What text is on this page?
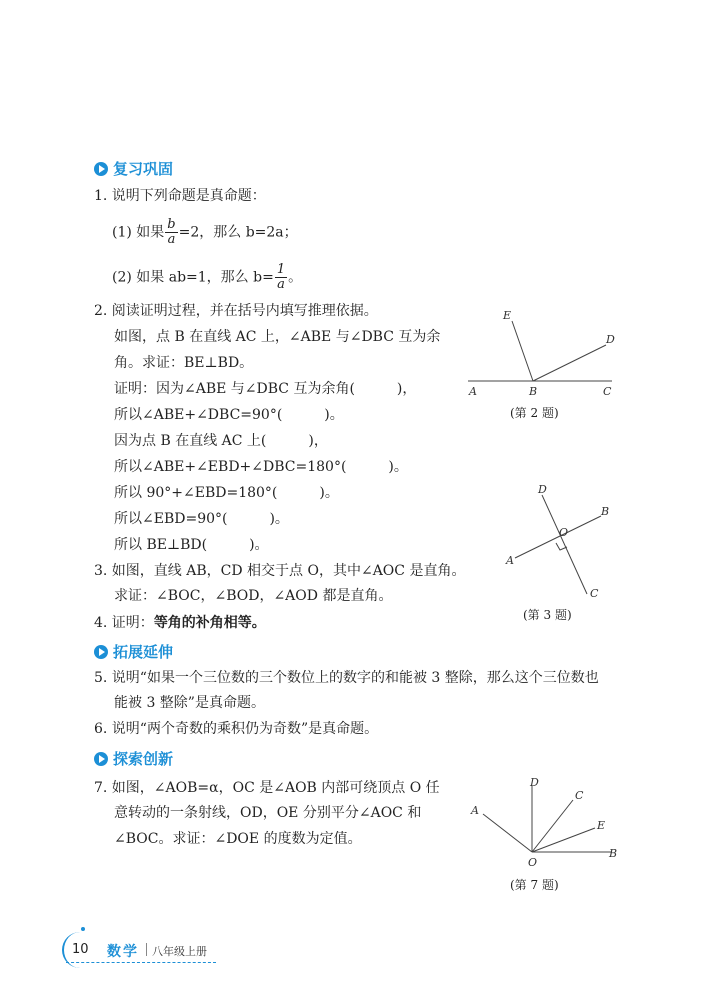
复习巩固
1. 说明下列命题是真命题：
(1) 如果 $\frac{b}{a} =2$，那么 b=2a；
(2) 如果 ab=1，那么 $b= \frac{1}{a}$ 。
2. 阅读证明过程，并在括号内填写推理依据。
如图，点 B 在直线 AC 上，∠ABE 与∠DBC 互为余
角。求证：BE⊥BD。
证明：因为∠ABE 与∠DBC 互为余角(　　　)，
所以∠ABE+∠DBC=90°(　　　)。
因为点 B 在直线 AC 上(　　　)，
所以∠ABE+∠EBD+∠DBC=180°(　　　)。
所以 90°+∠EBD=180°(　　　)。
所以∠EBD=90°(　　　)。
所以 BE⊥BD(　　　)。
E
D
A	B	C
(第 2 题)
D
B
O
A
C
(第 3 题)
3. 如图，直线 AB，CD 相交于点 O，其中∠AOC 是直角。
求证：∠BOC，∠BOD，∠AOD 都是直角。
4. 证明：等角的补角相等。
拓展延伸
5. 说明“如果一个三位数的三个数位上的数字的和能被 3 整除，那么这个三位数也
能被 3 整除”是真命题。
6. 说明“两个奇数的乘积仍为奇数”是真命题。
探索创新
7. 如图，∠AOB=α，OC 是∠AOB 内部可绕顶点 O 任
意转动的一条射线，OD，OE 分别平分∠AOC 和
∠BOC。求证：∠DOE 的度数为定值。
D
C
A
E
O
B
(第 7 题)
10 数学 八年级上册
